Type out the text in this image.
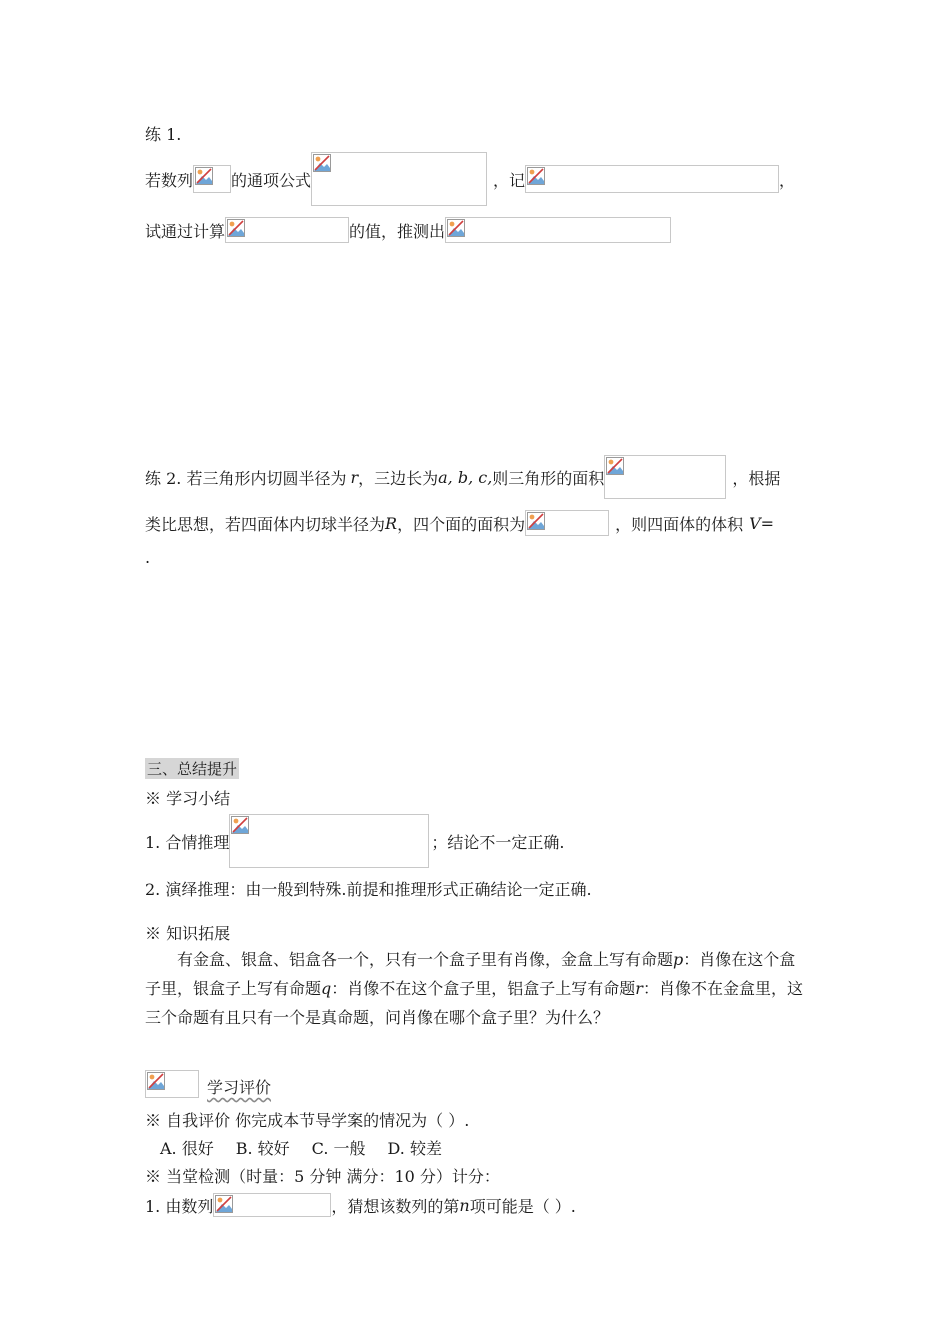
练 1.
若数列 的通项公式	，记	，
试通过计算	的值，推测出
练 2. 若三角形内切圆半径为 r ，三边长为 a, b, c, 则三角形的面积	，根据
类比思想，若四面体内切球半径为 R ，四个面的面积为	，则四面体的体积 V =
.
三、总结提升
※ 学习小结
1. 合情推理	；结论不一定正确.
2. 演绎推理：由一般到特殊.前提和推理形式正确结论一定正确.
※ 知识拓展
有金盒、银盒、铝盒各一个，只有一个盒子里有肖像，金盒上写有命题p：肖像在这个盒子里，银盒子上写有命题q：肖像不在这个盒子里，铝盒子上写有命题r：肖像不在金盒里，这三个命题有且只有一个是真命题，问肖像在哪个盒子里？为什么？
学习评价
※ 自我评价 你完成本节导学案的情况为（ ）.
A. 很好 B. 较好 C. 一般 D. 较差
※ 当堂检测（时量：5 分钟 满分：10 分）计分：
1. 由数列	，猜想该数列的第 n 项可能是（ ）.
